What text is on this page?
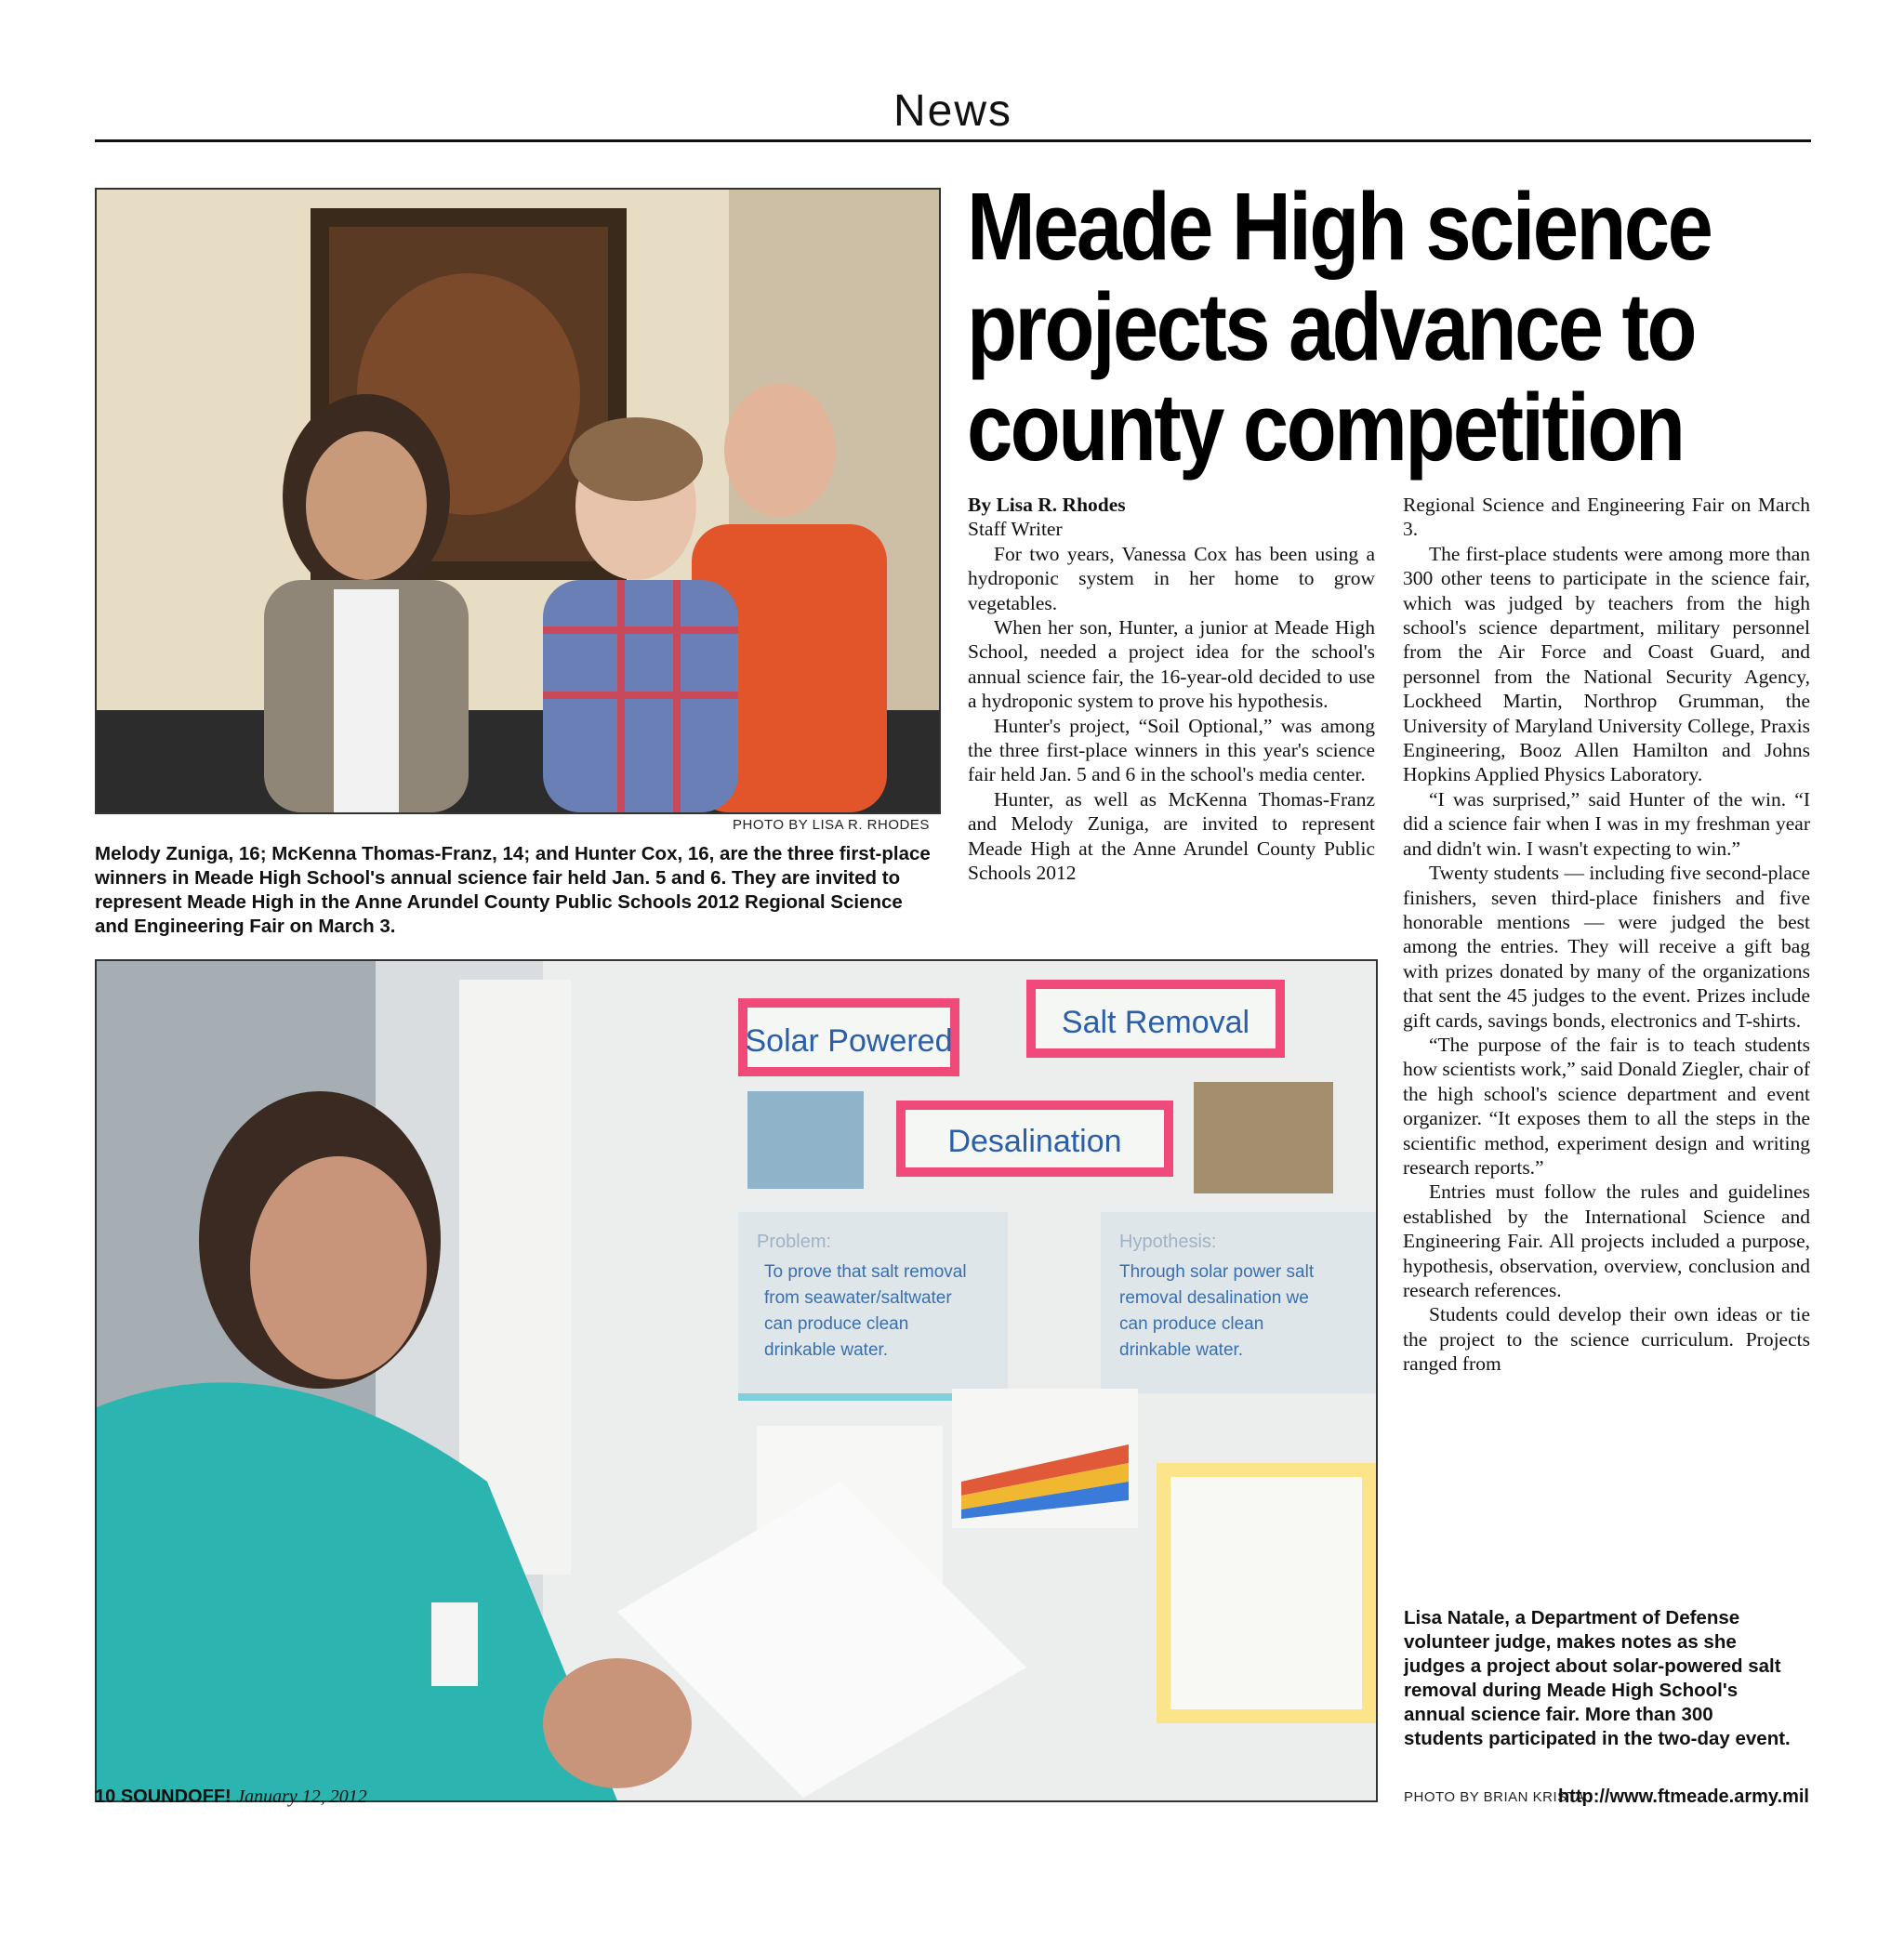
News
PHOTO BY LISA R. RHODES
Melody Zuniga, 16; McKenna Thomas-Franz, 14; and Hunter Cox, 16, are the three first-place winners in Meade High School's annual science fair held Jan. 5 and 6. They are invited to represent Meade High in the Anne Arundel County Public Schools 2012 Regional Science and Engineering Fair on March 3.
Meade High science
projects advance to
county competition

By Lisa R. Rhodes

Staff Writer

For two years, Vanessa Cox has been using a hydroponic system in her home to grow vegetables.

When her son, Hunter, a junior at Meade High School, needed a project idea for the school's annual science fair, the 16-year-old decided to use a hydroponic system to prove his hypothesis.

Hunter's project, “Soil Optional,” was among the three first-place winners in this year's science fair held Jan. 5 and 6 in the school's media center.

Hunter, as well as McKenna Thomas-Franz and Melody Zuniga, are invited to represent Meade High at the Anne Arundel County Public Schools 2012

Regional Science and Engineering Fair on March 3.

The first-place students were among more than 300 other teens to participate in the science fair, which was judged by teachers from the high school's science department, military personnel from the Air Force and Coast Guard, and personnel from the National Security Agency, Lockheed Martin, Northrop Grumman, the University of Maryland University College, Praxis Engineering, Booz Allen Hamilton and Johns Hopkins Applied Physics Laboratory.

“I was surprised,” said Hunter of the win. “I did a science fair when I was in my freshman year and didn't win. I wasn't expecting to win.”

Twenty students — including five second-place finishers, seven third-place finishers and five honorable mentions — were judged the best among the entries. They will receive a gift bag with prizes donated by many of the organizations that sent the 45 judges to the event. Prizes include gift cards, savings bonds, electronics and T-shirts.

“The purpose of the fair is to teach students how scientists work,” said Donald Ziegler, chair of the high school's science department and event organizer. “It exposes them to all the steps in the scientific method, experiment design and writing research reports.”

Entries must follow the rules and guidelines established by the International Science and Engineering Fair. All projects included a purpose, hypothesis, observation, overview, conclusion and research references.

Students could develop their own ideas or tie the project to the science curriculum. Projects ranged from

Solar Powered
Salt Removal
Desalination
Problem:
To prove that salt removal
from seawater/saltwater
can produce clean
drinkable water.
Hypothesis:
Through solar power salt
removal desalination we
can produce clean
drinkable water.
Lisa Natale, a Department of Defense volunteer judge, makes notes as she judges a project about solar-powered salt removal during Meade High School's annual science fair. More than 300 students participated in the two-day event.
PHOTO BY BRIAN KRISTA
10 SOUNDOFF! January 12, 2012	http://www.ftmeade.army.mil
